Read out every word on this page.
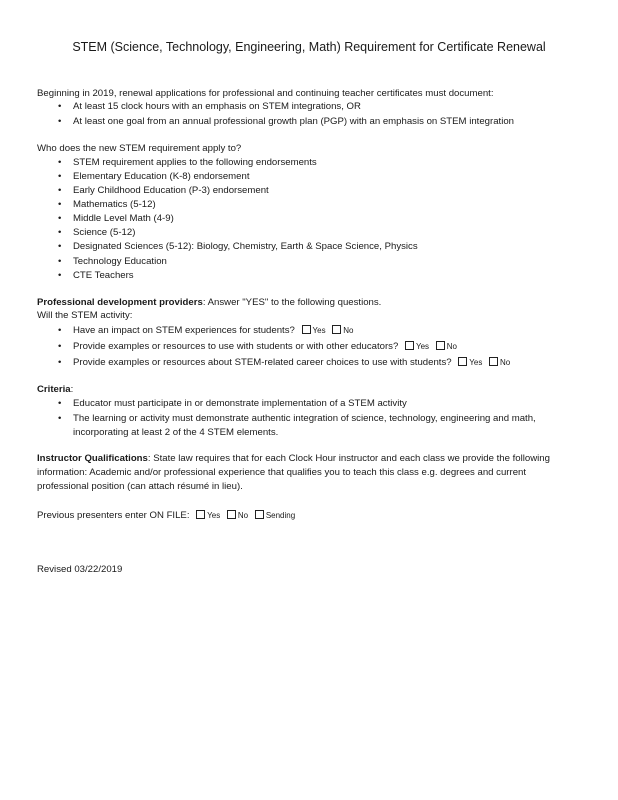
STEM (Science, Technology, Engineering, Math) Requirement for Certificate Renewal
Beginning in 2019, renewal applications for professional and continuing teacher certificates must document:
• At least 15 clock hours with an emphasis on STEM integrations, OR
• At least one goal from an annual professional growth plan (PGP) with an emphasis on STEM integration
Who does the new STEM requirement apply to?
• STEM requirement applies to the following endorsements
• Elementary Education (K-8) endorsement
• Early Childhood Education (P-3) endorsement
• Mathematics (5-12)
• Middle Level Math (4-9)
• Science (5-12)
• Designated Sciences (5-12): Biology, Chemistry, Earth & Space Science, Physics
• Technology Education
• CTE Teachers
Professional development providers: Answer "YES" to the following questions.
Will the STEM activity:
• Have an impact on STEM experiences for students? Yes No
• Provide examples or resources to use with students or with other educators? Yes No
• Provide examples or resources about STEM-related career choices to use with students? Yes No
Criteria:
• Educator must participate in or demonstrate implementation of a STEM activity
• The learning or activity must demonstrate authentic integration of science, technology, engineering and math,
incorporating at least 2 of the 4 STEM elements.
Instructor Qualifications: State law requires that for each Clock Hour instructor and each class we provide the following
information: Academic and/or professional experience that qualifies you to teach this class e.g. degrees and current
professional position (can attach résumé in lieu).
Previous presenters enter ON FILE: Yes No Sending
Revised 03/22/2019
